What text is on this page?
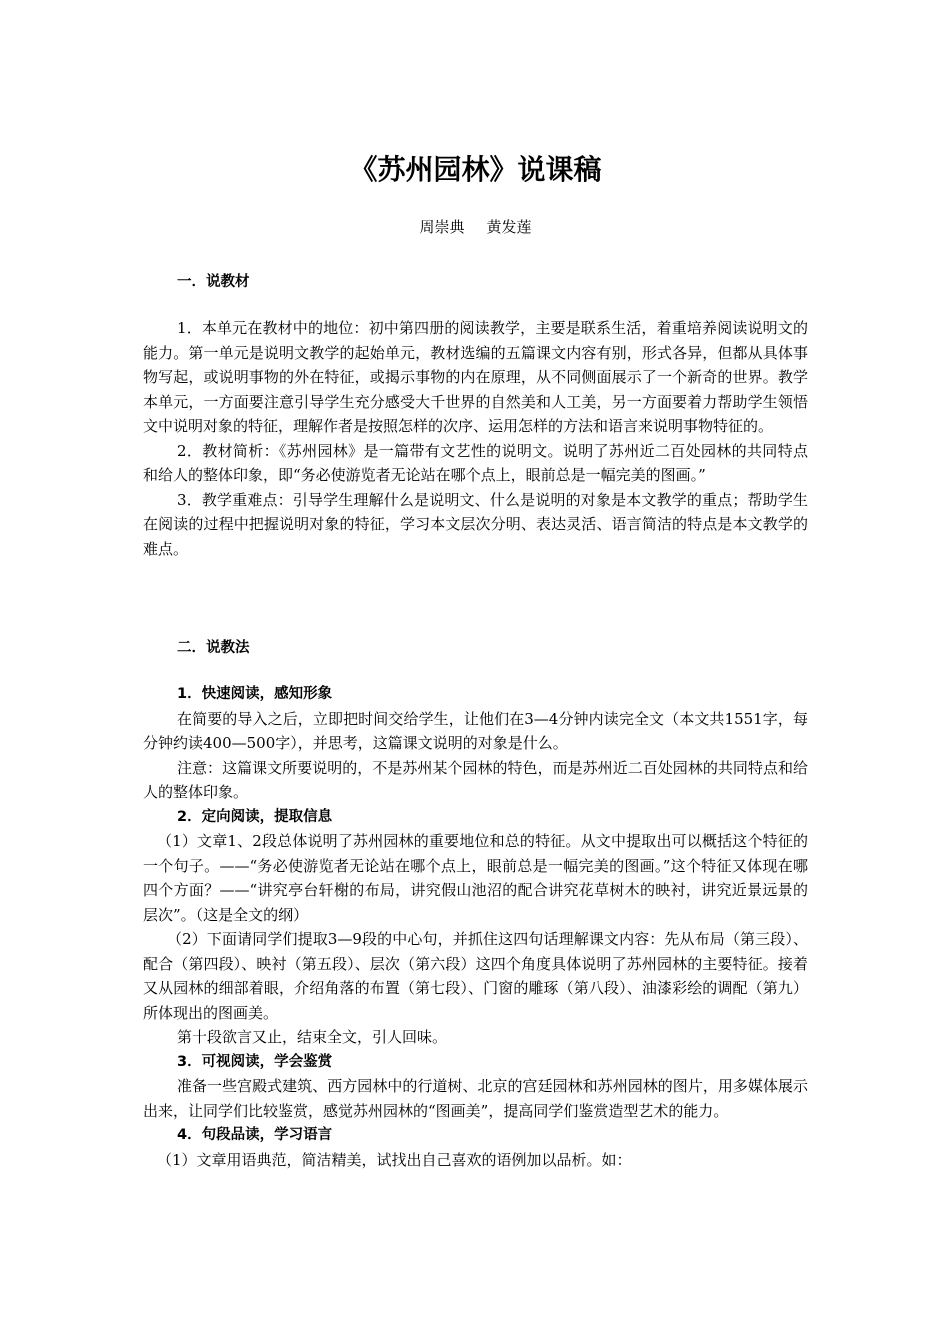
《苏州园林》说课稿
周崇典 黄发莲
一．说教材

1．本单元在教材中的地位：初中第四册的阅读教学，主要是联系生活，着重培养阅读说明文的能力。第一单元是说明文教学的起始单元，教材选编的五篇课文内容有别，形式各异，但都从具体事物写起，或说明事物的外在特征，或揭示事物的内在原理，从不同侧面展示了一个新奇的世界。教学本单元，一方面要注意引导学生充分感受大千世界的自然美和人工美，另一方面要着力帮助学生领悟文中说明对象的特征，理解作者是按照怎样的次序、运用怎样的方法和语言来说明事物特征的。

2．教材简析：《苏州园林》是一篇带有文艺性的说明文。说明了苏州近二百处园林的共同特点和给人的整体印象，即“务必使游览者无论站在哪个点上，眼前总是一幅完美的图画。”

3．教学重难点：引导学生理解什么是说明文、什么是说明的对象是本文教学的重点；帮助学生在阅读的过程中把握说明对象的特征，学习本文层次分明、表达灵活、语言简洁的特点是本文教学的难点。

二．说教法
1．快速阅读，感知形象

在简要的导入之后，立即把时间交给学生，让他们在3—4分钟内读完全文（本文共1551字，每分钟约读400—500字），并思考，这篇课文说明的对象是什么。

注意：这篇课文所要说明的，不是苏州某个园林的特色，而是苏州近二百处园林的共同特点和给人的整体印象。

2．定向阅读，提取信息

（1）文章1、2段总体说明了苏州园林的重要地位和总的特征。从文中提取出可以概括这个特征的一个句子。——“务必使游览者无论站在哪个点上，眼前总是一幅完美的图画。”这个特征又体现在哪四个方面？——“讲究亭台轩榭的布局，讲究假山池沼的配合讲究花草树木的映衬，讲究近景远景的层次”。（这是全文的纲）

（2）下面请同学们提取3—9段的中心句，并抓住这四句话理解课文内容：先从布局（第三段）、配合（第四段）、映衬（第五段）、层次（第六段）这四个角度具体说明了苏州园林的主要特征。接着又从园林的细部着眼，介绍角落的布置（第七段）、门窗的雕琢（第八段）、油漆彩绘的调配（第九）所体现出的图画美。

第十段欲言又止，结束全文，引人回味。

3．可视阅读，学会鉴赏

准备一些宫殿式建筑、西方园林中的行道树、北京的宫廷园林和苏州园林的图片，用多媒体展示出来，让同学们比较鉴赏，感觉苏州园林的“图画美”，提高同学们鉴赏造型艺术的能力。

4．句段品读，学习语言

（1）文章用语典范，简洁精美，试找出自己喜欢的语例加以品析。如：
